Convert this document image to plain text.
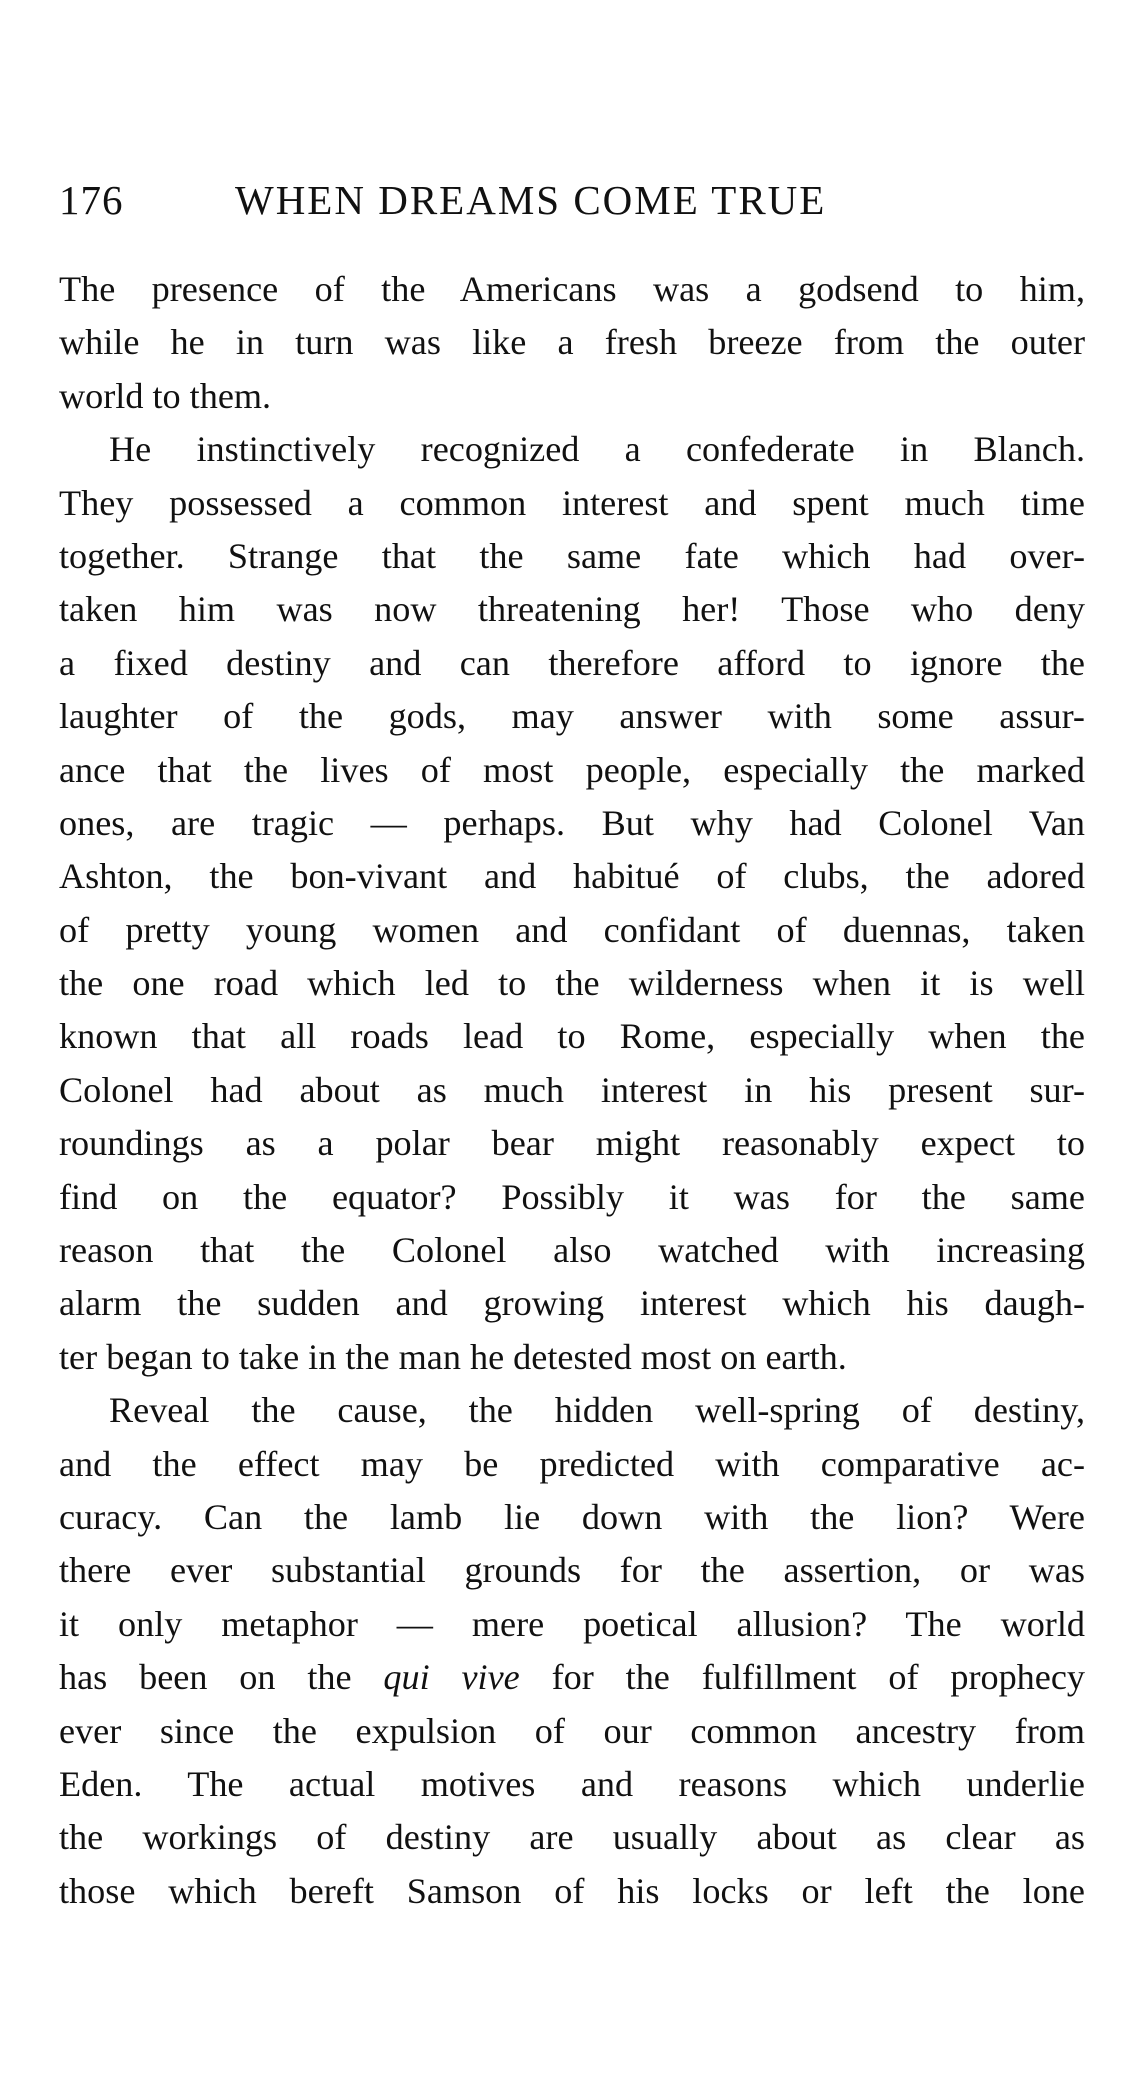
176	WHEN DREAMS COME TRUE
The presence of the Americans was a godsend to him,
while he in turn was like a fresh breeze from the outer
world to them.
He instinctively recognized a confederate in Blanch.
They possessed a common interest and spent much time
together. Strange that the same fate which had over-
taken him was now threatening her! Those who deny
a fixed destiny and can therefore afford to ignore the
laughter of the gods, may answer with some assur-
ance that the lives of most people, especially the marked
ones, are tragic — perhaps. But why had Colonel Van
Ashton, the bon-vivant and habitué of clubs, the adored
of pretty young women and confidant of duennas, taken
the one road which led to the wilderness when it is well
known that all roads lead to Rome, especially when the
Colonel had about as much interest in his present sur-
roundings as a polar bear might reasonably expect to
find on the equator? Possibly it was for the same
reason that the Colonel also watched with increasing
alarm the sudden and growing interest which his daugh-
ter began to take in the man he detested most on earth.
Reveal the cause, the hidden well-spring of destiny,
and the effect may be predicted with comparative ac-
curacy. Can the lamb lie down with the lion? Were
there ever substantial grounds for the assertion, or was
it only metaphor — mere poetical allusion? The world
has been on the qui vive for the fulfillment of prophecy
ever since the expulsion of our common ancestry from
Eden. The actual motives and reasons which underlie
the workings of destiny are usually about as clear as
those which bereft Samson of his locks or left the lone
